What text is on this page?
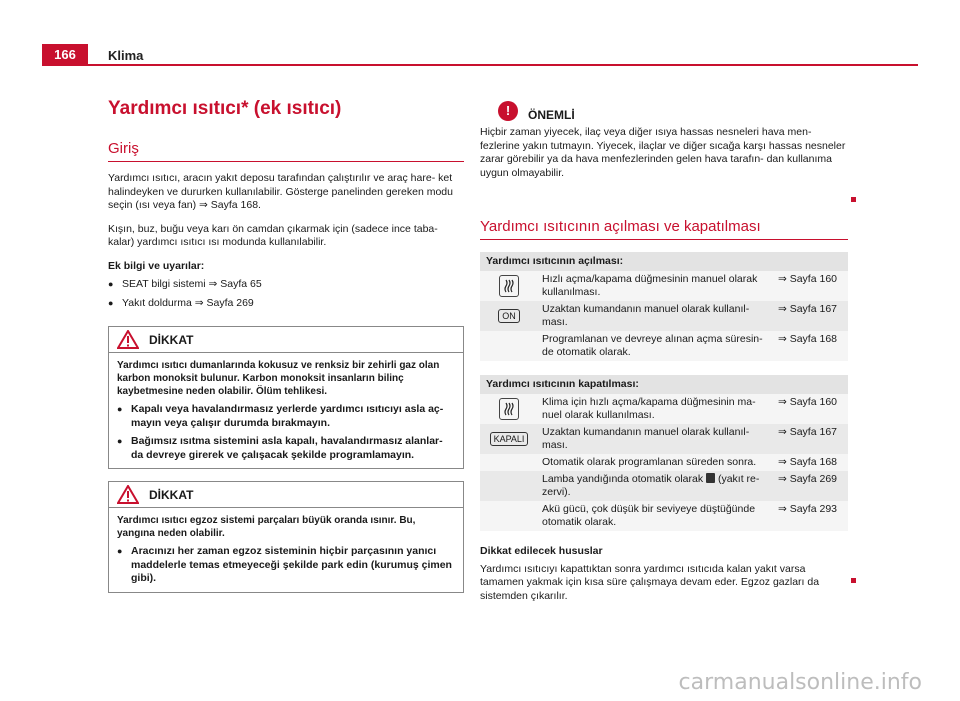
166	Klima
Yardımcı ısıtıcı* (ek ısıtıcı)
Giriş
Yardımcı ısıtıcı, aracın yakıt deposu tarafından çalıştırılır ve araç hare- ket halindeyken ve dururken kullanılabilir. Gösterge panelinden gereken modu seçin (ısı veya fan) ⇒ Sayfa 168.
Kışın, buz, buğu veya karı ön camdan çıkarmak için (sadece ince taba- kalar) yardımcı ısıtıcı ısı modunda kullanılabilir.
Ek bilgi ve uyarılar:
● SEAT bilgi sistemi ⇒ Sayfa 65
● Yakıt doldurma ⇒ Sayfa 269
DİKKAT
Yardımcı ısıtıcı dumanlarında kokusuz ve renksiz bir zehirli gaz olan karbon monoksit bulunur. Karbon monoksit insanların bilinç kaybetmesine neden olabilir. Ölüm tehlikesi.
● Kapalı veya havalandırmasız yerlerde yardımcı ısıtıcıyı asla aç- mayın veya çalışır durumda bırakmayın.
● Bağımsız ısıtma sistemini asla kapalı, havalandırmasız alanlar- da devreye girerek ve çalışacak şekilde programlamayın.
DİKKAT
Yardımcı ısıtıcı egzoz sistemi parçaları büyük oranda ısınır. Bu, yangına neden olabilir.
● Aracınızı her zaman egzoz sisteminin hiçbir parçasının yanıcı maddelerle temas etmeyeceği şekilde park edin (kurumuş çimen gibi).
!	ÖNEMLİ
Hiçbir zaman yiyecek, ilaç veya diğer ısıya hassas nesneleri hava men- fezlerine yakın tutmayın. Yiyecek, ilaçlar ve diğer sıcağa karşı hassas nesneler zarar görebilir ya da hava menfezlerinden gelen hava tarafın- dan kullanıma uygun olmayabilir.
Yardımcı ısıtıcının açılması ve kapatılması
Yardımcı ısıtıcının açılması:
Hızlı açma/kapama düğmesinin manuel olarak kullanılması.
⇒ Sayfa 160
ON
Uzaktan kumandanın manuel olarak kullanıl- ması.
⇒ Sayfa 167
Programlanan ve devreye alınan açma süresin- de otomatik olarak.
⇒ Sayfa 168
Yardımcı ısıtıcının kapatılması:
Klima için hızlı açma/kapama düğmesinin ma- nuel olarak kullanılması.
⇒ Sayfa 160
KAPALI
Uzaktan kumandanın manuel olarak kullanıl- ması.
⇒ Sayfa 167
Otomatik olarak programlanan süreden sonra.	⇒ Sayfa 168
Lamba yandığında otomatik olarak (yakıt re- zervi).
⇒ Sayfa 269
Akü gücü, çok düşük bir seviyeye düştüğünde otomatik olarak.
⇒ Sayfa 293
Dikkat edilecek hususlar
Yardımcı ısıtıcıyı kapattıktan sonra yardımcı ısıtıcıda kalan yakıt varsa tamamen yakmak için kısa süre çalışmaya devam eder. Egzoz gazları da sistemden çıkarılır.
carmanualsonline.info
